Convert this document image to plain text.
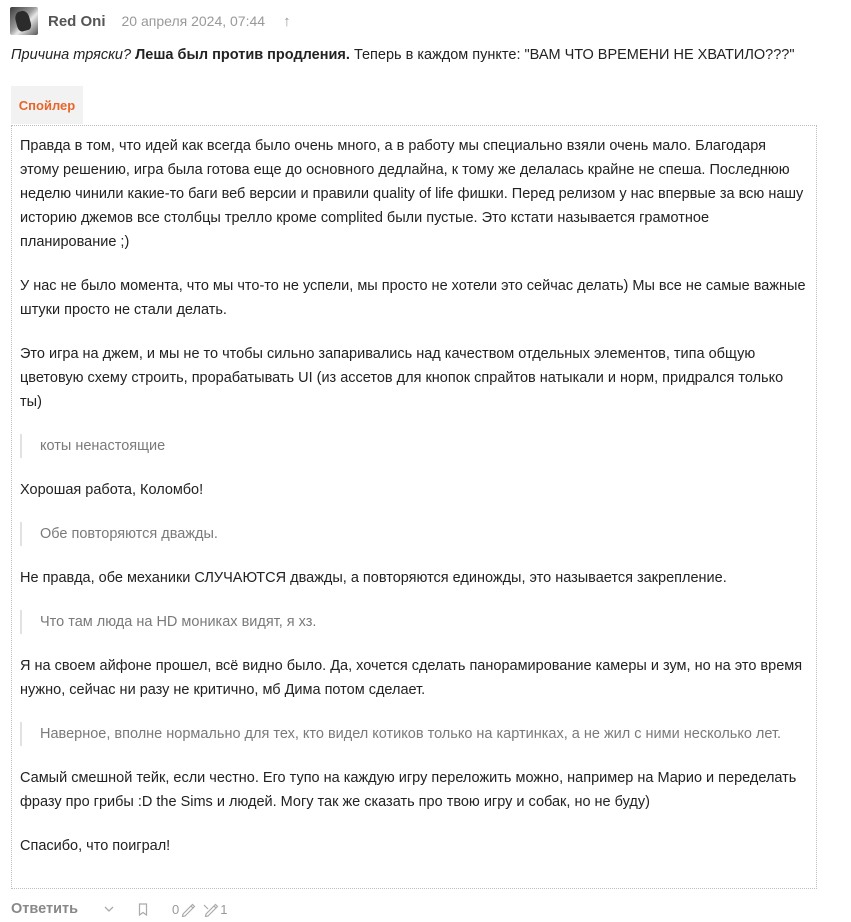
Red Oni 20 апреля 2024, 07:44 ↑
Причина тряски? Леша был против продления. Теперь в каждом пункте: "ВАМ ЧТО ВРЕМЕНИ НЕ ХВАТИЛО???"
Спойлер

Правда в том, что идей как всегда было очень много, а в работу мы специально взяли очень мало. Благодаря этому решению, игра была готова еще до основного дедлайна, к тому же делалась крайне не спеша. Последнюю неделю чинили какие-то баги веб версии и правили quality of life фишки. Перед релизом у нас впервые за всю нашу историю джемов все столбцы трелло кроме complited были пустые. Это кстати называется грамотное планирование ;)

У нас не было момента, что мы что-то не успели, мы просто не хотели это сейчас делать) Мы все не самые важные штуки просто не стали делать.

Это игра на джем, и мы не то чтобы сильно запаривались над качеством отдельных элементов, типа общую цветовую схему строить, прорабатывать UI (из ассетов для кнопок спрайтов натыкали и норм, придрался только ты)

коты ненастоящие

Хорошая работа, Коломбо!

Обе повторяются дважды.

Не правда, обе механики СЛУЧАЮТСЯ дважды, а повторяются единожды, это называется закрепление.

Что там люда на HD мониках видят, я хз.

Я на своем айфоне прошел, всё видно было. Да, хочется сделать панорамирование камеры и зум, но на это время нужно, сейчас ни разу не критично, мб Дима потом сделает.

Наверное, вполне нормально для тех, кто видел котиков только на картинках, а не жил с ними несколько лет.

Самый смешной тейк, если честно. Его тупо на каждую игру переложить можно, например на Марио и переделать фразу про грибы :D the Sims и людей. Могу так же сказать про твою игру и собак, но не буду)

Спасибо, что поиграл!

Ответить	0	1
